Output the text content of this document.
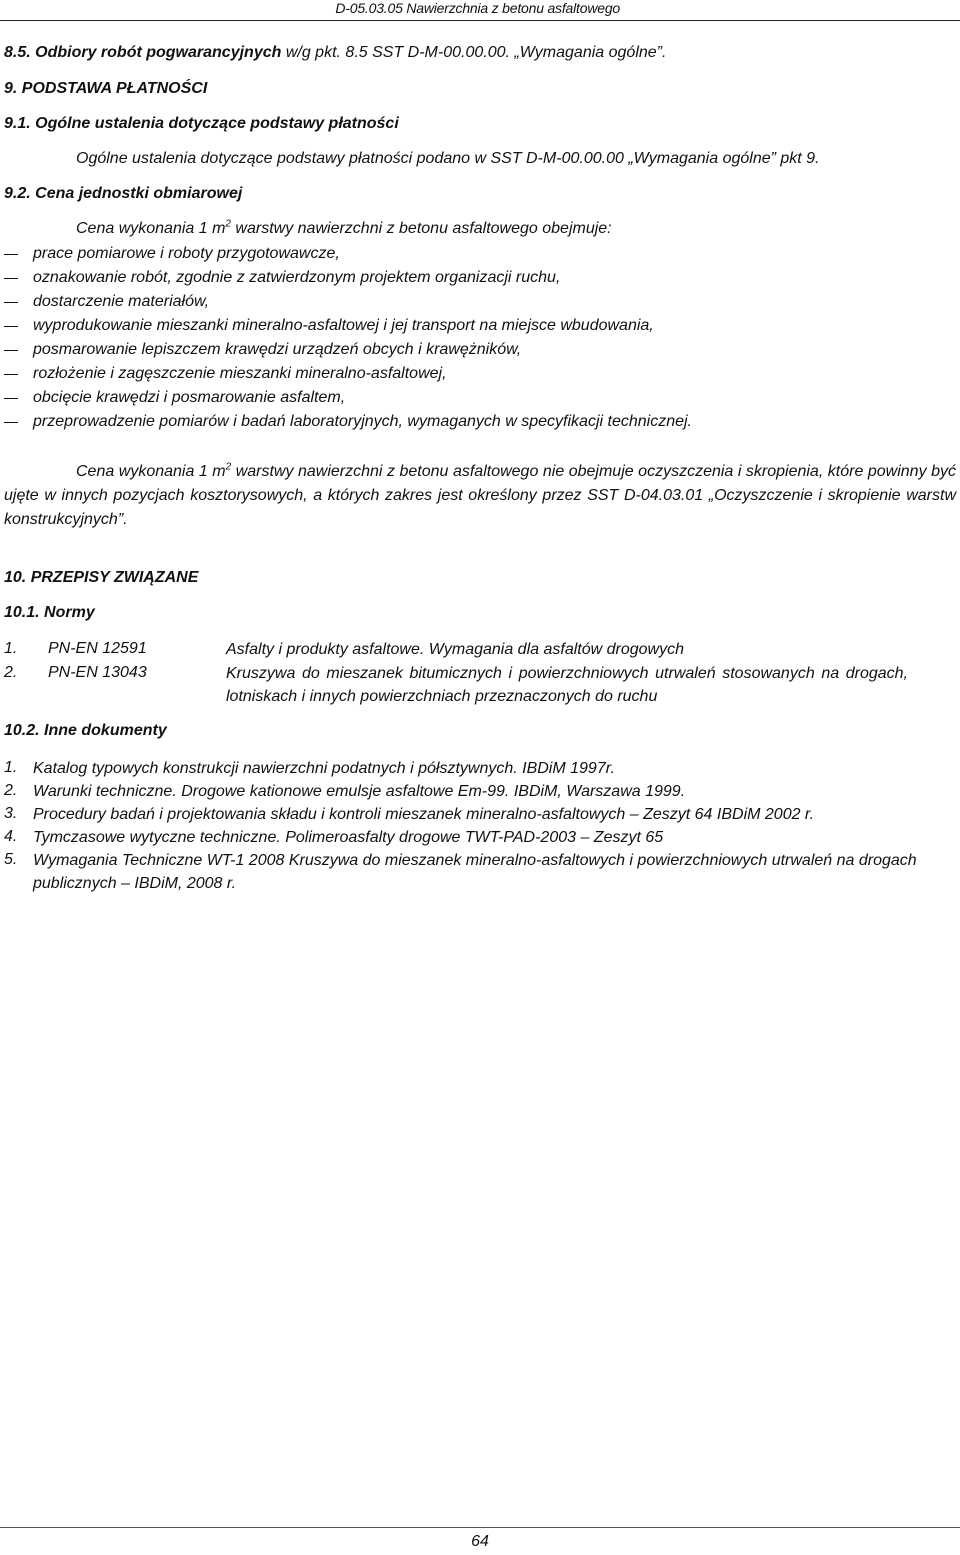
D-05.03.05 Nawierzchnia z betonu asfaltowego
8.5. Odbiory robót pogwarancyjnych w/g pkt. 8.5 SST D-M-00.00.00. „Wymagania ogólne”.
9. PODSTAWA PŁATNOŚCI
9.1. Ogólne ustalenia dotyczące podstawy płatności
Ogólne ustalenia dotyczące podstawy płatności podano w SST D-M-00.00.00 „Wymagania ogólne” pkt 9.
9.2. Cena jednostki obmiarowej
Cena wykonania 1 $m^2$ warstwy nawierzchni z betonu asfaltowego obejmuje:
prace pomiarowe i roboty przygotowawcze,
oznakowanie robót, zgodnie z zatwierdzonym projektem organizacji ruchu,
dostarczenie materiałów,
wyprodukowanie mieszanki mineralno-asfaltowej i jej transport na miejsce wbudowania,
posmarowanie lepiszczem krawędzi urządzeń obcych i krawężników,
rozłożenie i zagęszczenie mieszanki mineralno-asfaltowej,
obcięcie krawędzi i posmarowanie asfaltem,
przeprowadzenie pomiarów i badań laboratoryjnych, wymaganych w specyfikacji technicznej.
Cena wykonania 1 $m^2$ warstwy nawierzchni z betonu asfaltowego nie obejmuje oczyszczenia i skropienia, które powinny być ujęte w innych pozycjach kosztorysowych, a których zakres jest określony przez SST D-04.03.01 „Oczyszczenie i skropienie warstw konstrukcyjnych”.
10. PRZEPISY ZWIĄZANE
10.1. Normy
1. PN-EN 12591	Asfalty i produkty asfaltowe. Wymagania dla asfaltów drogowych
2. PN-EN 13043	Kruszywa do mieszanek bitumicznych i powierzchniowych utrwaleń stosowanych na drogach, lotniskach i innych powierzchniach przeznaczonych do ruchu
10.2. Inne dokumenty
1. Katalog typowych konstrukcji nawierzchni podatnych i półsztywnych. IBDiM 1997r.
2. Warunki techniczne. Drogowe kationowe emulsje asfaltowe Em-99. IBDiM, Warszawa 1999.
3. Procedury badań i projektowania składu i kontroli mieszanek mineralno-asfaltowych – Zeszyt 64 IBDiM 2002 r.
4. Tymczasowe wytyczne techniczne. Polimeroasfalty drogowe TWT-PAD-2003 – Zeszyt 65
5. Wymagania Techniczne WT-1 2008 Kruszywa do mieszanek mineralno-asfaltowych i powierzchniowych utrwaleń na drogach publicznych – IBDiM, 2008 r.
64
